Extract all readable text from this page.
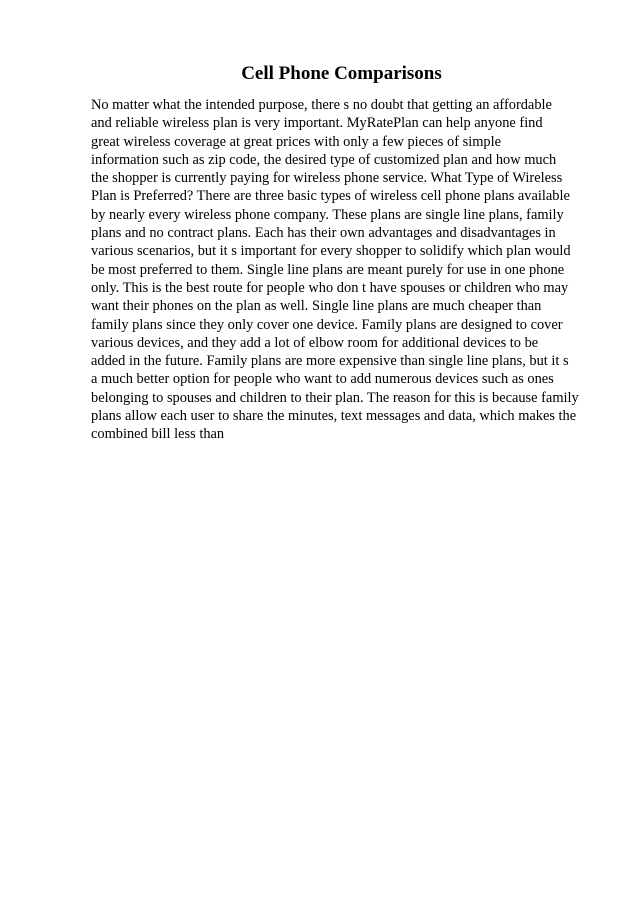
Cell Phone Comparisons
No matter what the intended purpose, there s no doubt that getting an affordable
and reliable wireless plan is very important. MyRatePlan can help anyone find
great wireless coverage at great prices with only a few pieces of simple
information such as zip code, the desired type of customized plan and how much
the shopper is currently paying for wireless phone service. What Type of Wireless
Plan is Preferred? There are three basic types of wireless cell phone plans available
by nearly every wireless phone company. These plans are single line plans, family
plans and no contract plans. Each has their own advantages and disadvantages in
various scenarios, but it s important for every shopper to solidify which plan would
be most preferred to them. Single line plans are meant purely for use in one phone
only. This is the best route for people who don t have spouses or children who may
want their phones on the plan as well. Single line plans are much cheaper than
family plans since they only cover one device. Family plans are designed to cover
various devices, and they add a lot of elbow room for additional devices to be
added in the future. Family plans are more expensive than single line plans, but it s
a much better option for people who want to add numerous devices such as ones
belonging to spouses and children to their plan. The reason for this is because family
plans allow each user to share the minutes, text messages and data, which makes the
combined bill less than
